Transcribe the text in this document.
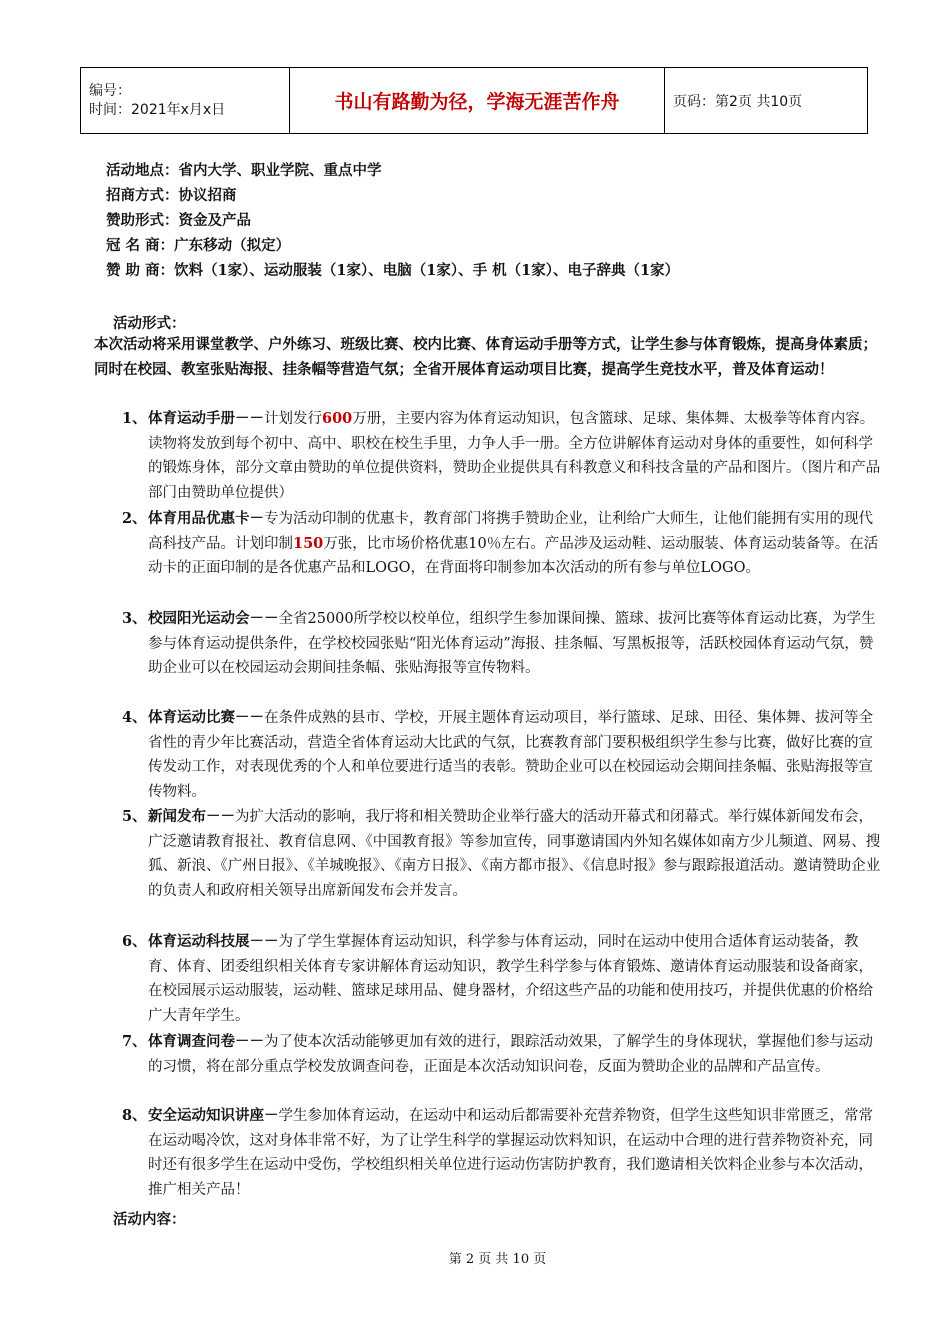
编号：
时间：2021年x月x日	书山有路勤为径，学海无涯苦作舟	页码：第2页 共10页
活动地点：省内大学、职业学院、重点中学
招商方式：协议招商
赞助形式：资金及产品
冠 名 商：广东移动（拟定）
赞 助 商：饮料（1家）、运动服装（1家）、电脑（1家）、手 机（1家）、电子辞典（1家）
活动形式：
本次活动将采用课堂教学、户外练习、班级比赛、校内比赛、体育运动手册等方式，让学生参与体育锻炼，提高身体素质；同时在校园、教室张贴海报、挂条幅等营造气氛；全省开展体育运动项目比赛，提高学生竞技水平，普及体育运动！
1、 体育运动手册－－计划发行600万册，主要内容为体育运动知识，包含篮球、足球、集体舞、太极拳等体育内容。读物将发放到每个初中、高中、职校在校生手里，力争人手一册。全方位讲解体育运动对身体的重要性，如何科学的锻炼身体，部分文章由赞助的单位提供资料，赞助企业提供具有科教意义和科技含量的产品和图片。（图片和产品部门由赞助单位提供）
2、 体育用品优惠卡－专为活动印制的优惠卡，教育部门将携手赞助企业，让利给广大师生，让他们能拥有实用的现代高科技产品。计划印制150万张，比市场价格优惠10％左右。产品涉及运动鞋、运动服装、体育运动装备等。在活动卡的正面印制的是各优惠产品和LOGO，在背面将印制参加本次活动的所有参与单位LOGO。
3、 校园阳光运动会－－全省25000所学校以校单位，组织学生参加课间操、篮球、拔河比赛等体育运动比赛，为学生参与体育运动提供条件，在学校校园张贴“阳光体育运动”海报、挂条幅、写黑板报等，活跃校园体育运动气氛，赞助企业可以在校园运动会期间挂条幅、张贴海报等宣传物料。
4、 体育运动比赛－－在条件成熟的县市、学校，开展主题体育运动项目，举行篮球、足球、田径、集体舞、拔河等全省性的青少年比赛活动，营造全省体育运动大比武的气氛，比赛教育部门要积极组织学生参与比赛，做好比赛的宣传发动工作，对表现优秀的个人和单位要进行适当的表彰。赞助企业可以在校园运动会期间挂条幅、张贴海报等宣传物料。
5、 新闻发布－－为扩大活动的影响，我厅将和相关赞助企业举行盛大的活动开幕式和闭幕式。举行媒体新闻发布会，广泛邀请教育报社、教育信息网、《中国教育报》等参加宣传，同事邀请国内外知名媒体如南方少儿频道、网易、搜狐、新浪、《广州日报》、《羊城晚报》、《南方日报》、《南方都市报》、《信息时报》参与跟踪报道活动。邀请赞助企业的负责人和政府相关领导出席新闻发布会并发言。
6、 体育运动科技展－－为了学生掌握体育运动知识，科学参与体育运动，同时在运动中使用合适体育运动装备，教育、体育、团委组织相关体育专家讲解体育运动知识，教学生科学参与体育锻炼、邀请体育运动服装和设备商家，在校园展示运动服装，运动鞋、篮球足球用品、健身器材，介绍这些产品的功能和使用技巧，并提供优惠的价格给广大青年学生。
7、 体育调查问卷－－为了使本次活动能够更加有效的进行，跟踪活动效果，了解学生的身体现状，掌握他们参与运动的习惯，将在部分重点学校发放调查问卷，正面是本次活动知识问卷，反面为赞助企业的品牌和产品宣传。
8、 安全运动知识讲座－学生参加体育运动，在运动中和运动后都需要补充营养物资，但学生这些知识非常匮乏，常常在运动喝冷饮，这对身体非常不好，为了让学生科学的掌握运动饮料知识，在运动中合理的进行营养物资补充，同时还有很多学生在运动中受伤，学校组织相关单位进行运动伤害防护教育，我们邀请相关饮料企业参与本次活动，推广相关产品！
活动内容：
第 2 页 共 10 页
